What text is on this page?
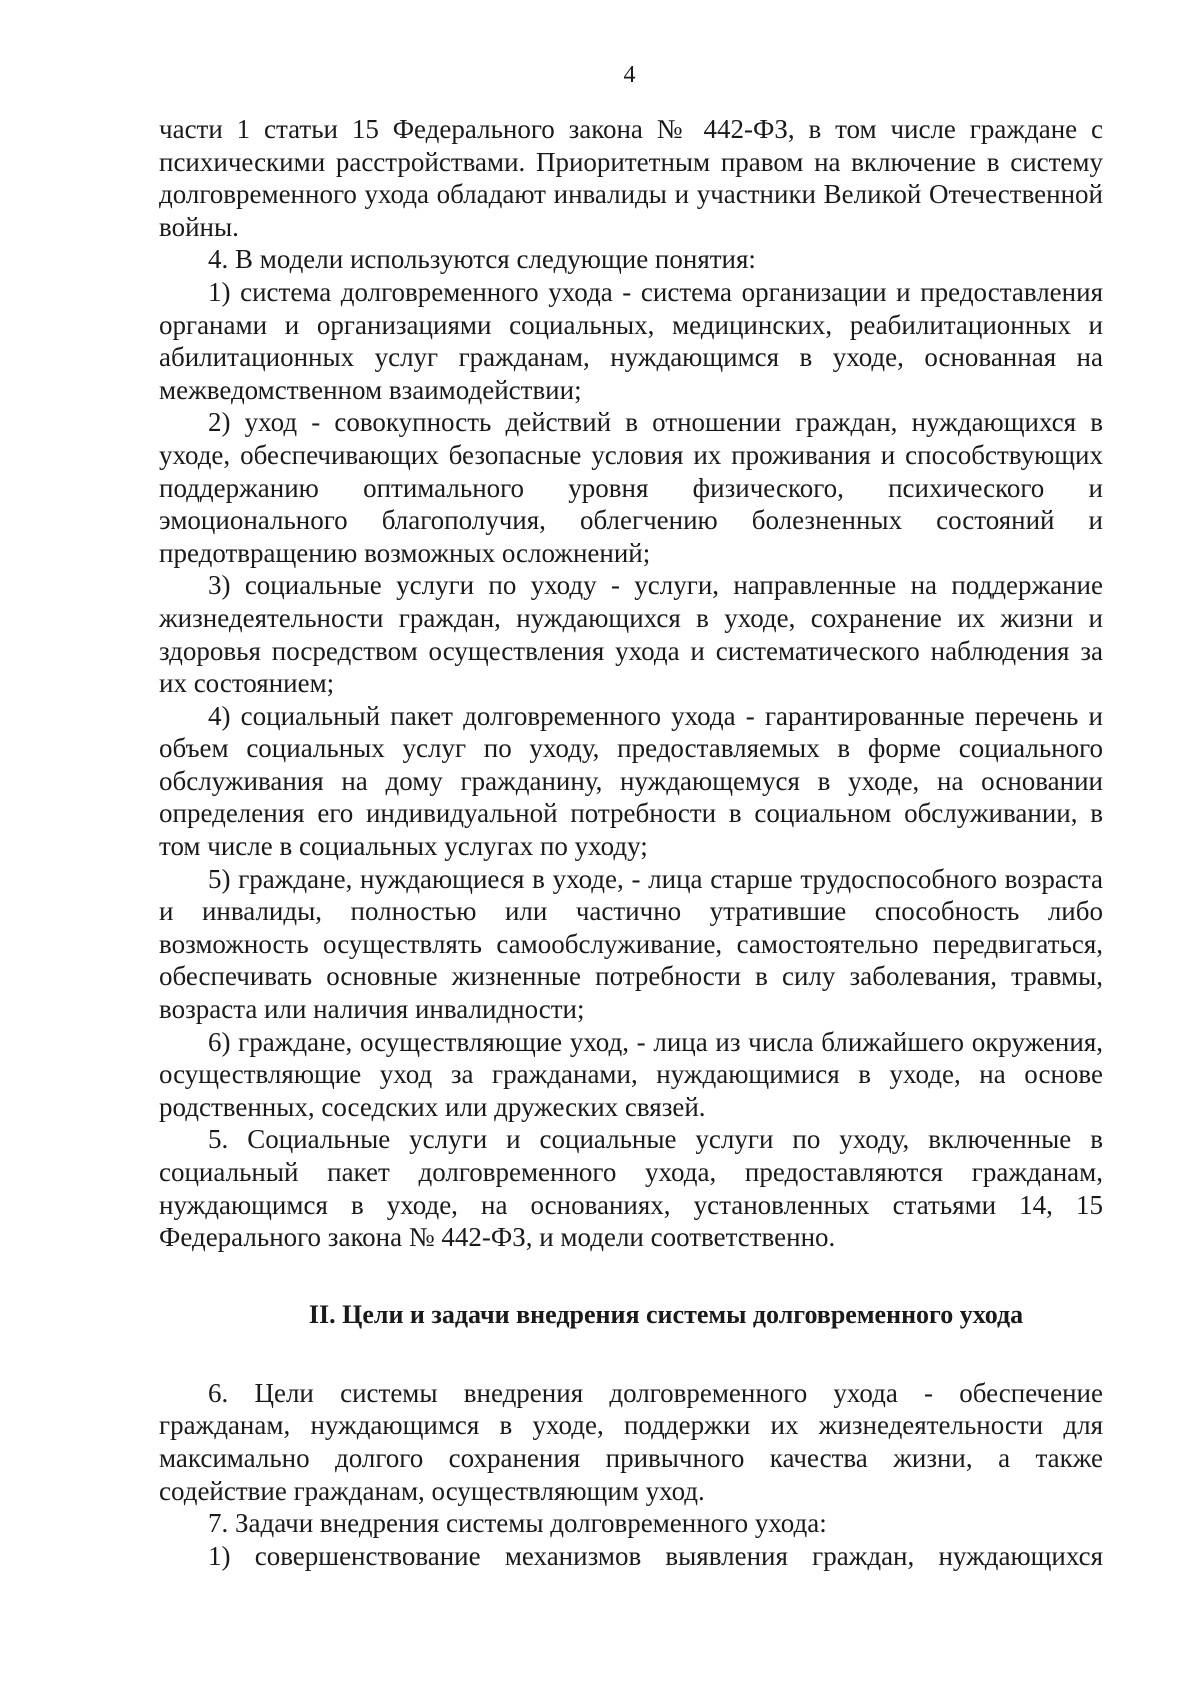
4

части 1 статьи 15 Федерального закона № 442-ФЗ, в том числе граждане с психическими расстройствами. Приоритетным правом на включение в систему долговременного ухода обладают инвалиды и участники Великой Отечественной войны.

4. В модели используются следующие понятия:

1) система долговременного ухода - система организации и предоставления органами и организациями социальных, медицинских, реабилитационных и абилитационных услуг гражданам, нуждающимся в уходе, основанная на межведомственном взаимодействии;

2) уход - совокупность действий в отношении граждан, нуждающихся в уходе, обеспечивающих безопасные условия их проживания и способствующих поддержанию оптимального уровня физического, психического и эмоционального благополучия, облегчению болезненных состояний и предотвращению возможных осложнений;

3) социальные услуги по уходу - услуги, направленные на поддержание жизнедеятельности граждан, нуждающихся в уходе, сохранение их жизни и здоровья посредством осуществления ухода и систематического наблюдения за их состоянием;

4) социальный пакет долговременного ухода - гарантированные перечень и объем социальных услуг по уходу, предоставляемых в форме социального обслуживания на дому гражданину, нуждающемуся в уходе, на основании определения его индивидуальной потребности в социальном обслуживании, в том числе в социальных услугах по уходу;

5) граждане, нуждающиеся в уходе, - лица старше трудоспособного возраста и инвалиды, полностью или частично утратившие способность либо возможность осуществлять самообслуживание, самостоятельно передвигаться, обеспечивать основные жизненные потребности в силу заболевания, травмы, возраста или наличия инвалидности;

6) граждане, осуществляющие уход, - лица из числа ближайшего окружения, осуществляющие уход за гражданами, нуждающимися в уходе, на основе родственных, соседских или дружеских связей.

5. Социальные услуги и социальные услуги по уходу, включенные в социальный пакет долговременного ухода, предоставляются гражданам, нуждающимся в уходе, на основаниях, установленных статьями 14, 15 Федерального закона № 442-ФЗ, и модели соответственно.

II. Цели и задачи внедрения системы долговременного ухода

6. Цели системы внедрения долговременного ухода - обеспечение гражданам, нуждающимся в уходе, поддержки их жизнедеятельности для максимально долгого сохранения привычного качества жизни, а также содействие гражданам, осуществляющим уход.

7. Задачи внедрения системы долговременного ухода:

1) совершенствование механизмов выявления граждан, нуждающихся
